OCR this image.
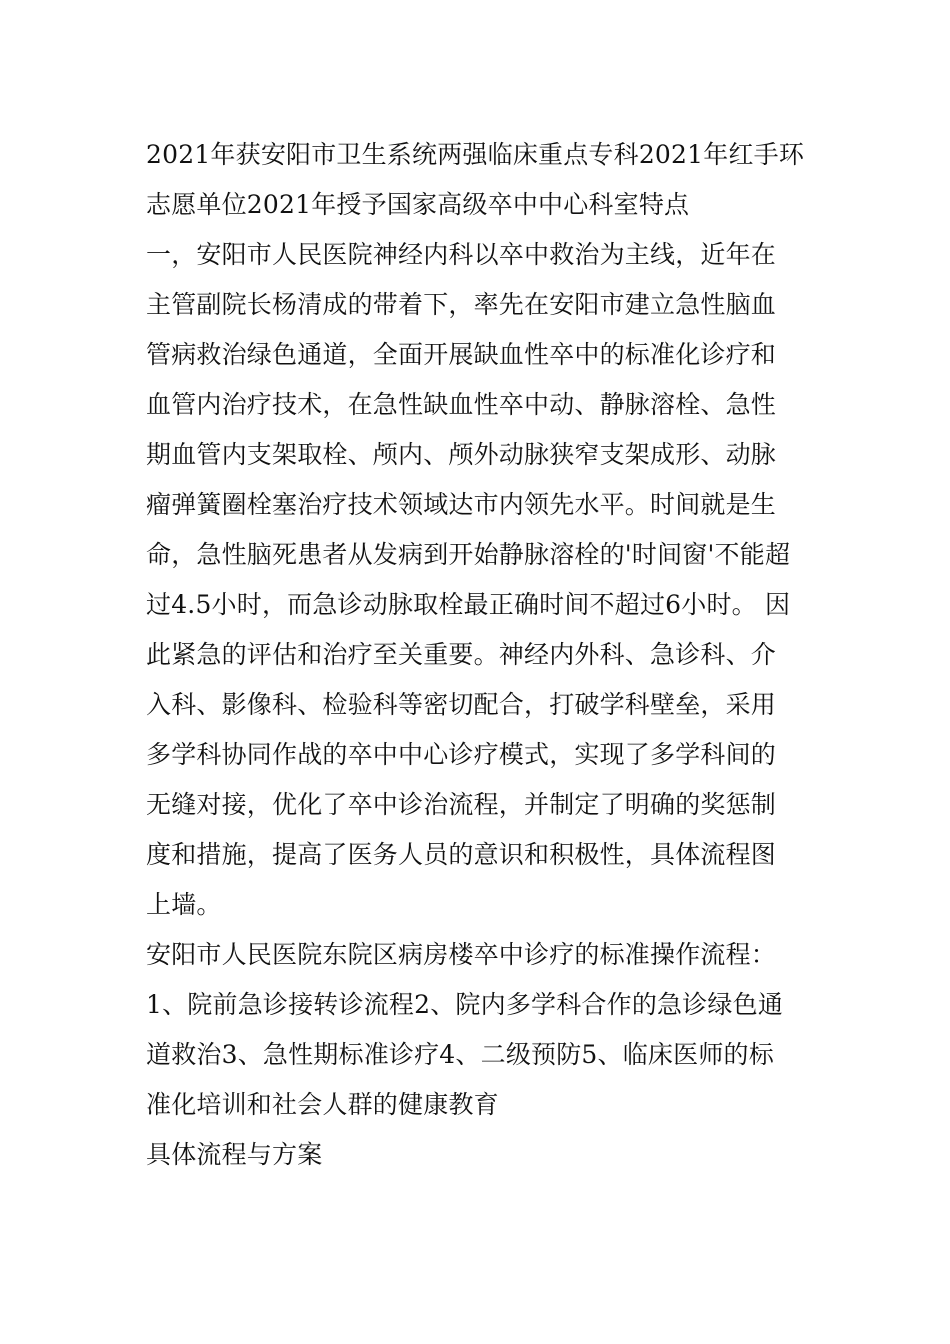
2021年获安阳市卫生系统两强临床重点专科2021年红手环
志愿单位2021年授予国家高级卒中中心科室特点
一，安阳市人民医院神经内科以卒中救治为主线，近年在
主管副院长杨清成的带着下，率先在安阳市建立急性脑血
管病救治绿色通道，全面开展缺血性卒中的标准化诊疗和
血管内治疗技术，在急性缺血性卒中动、静脉溶栓、急性
期血管内支架取栓、颅内、颅外动脉狭窄支架成形、动脉
瘤弹簧圈栓塞治疗技术领域达市内领先水平。时间就是生
命，急性脑死患者从发病到开始静脉溶栓的'时间窗'不能超
过4.5小时，而急诊动脉取栓最正确时间不超过6小时。 因
此紧急的评估和治疗至关重要。神经内外科、急诊科、介
入科、影像科、检验科等密切配合，打破学科壁垒，采用
多学科协同作战的卒中中心诊疗模式，实现了多学科间的
无缝对接，优化了卒中诊治流程，并制定了明确的奖惩制
度和措施，提高了医务人员的意识和积极性，具体流程图
上墙。
安阳市人民医院东院区病房楼卒中诊疗的标准操作流程：
1、院前急诊接转诊流程2、院内多学科合作的急诊绿色通
道救治3、急性期标准诊疗4、二级预防5、临床医师的标
准化培训和社会人群的健康教育
具体流程与方案
